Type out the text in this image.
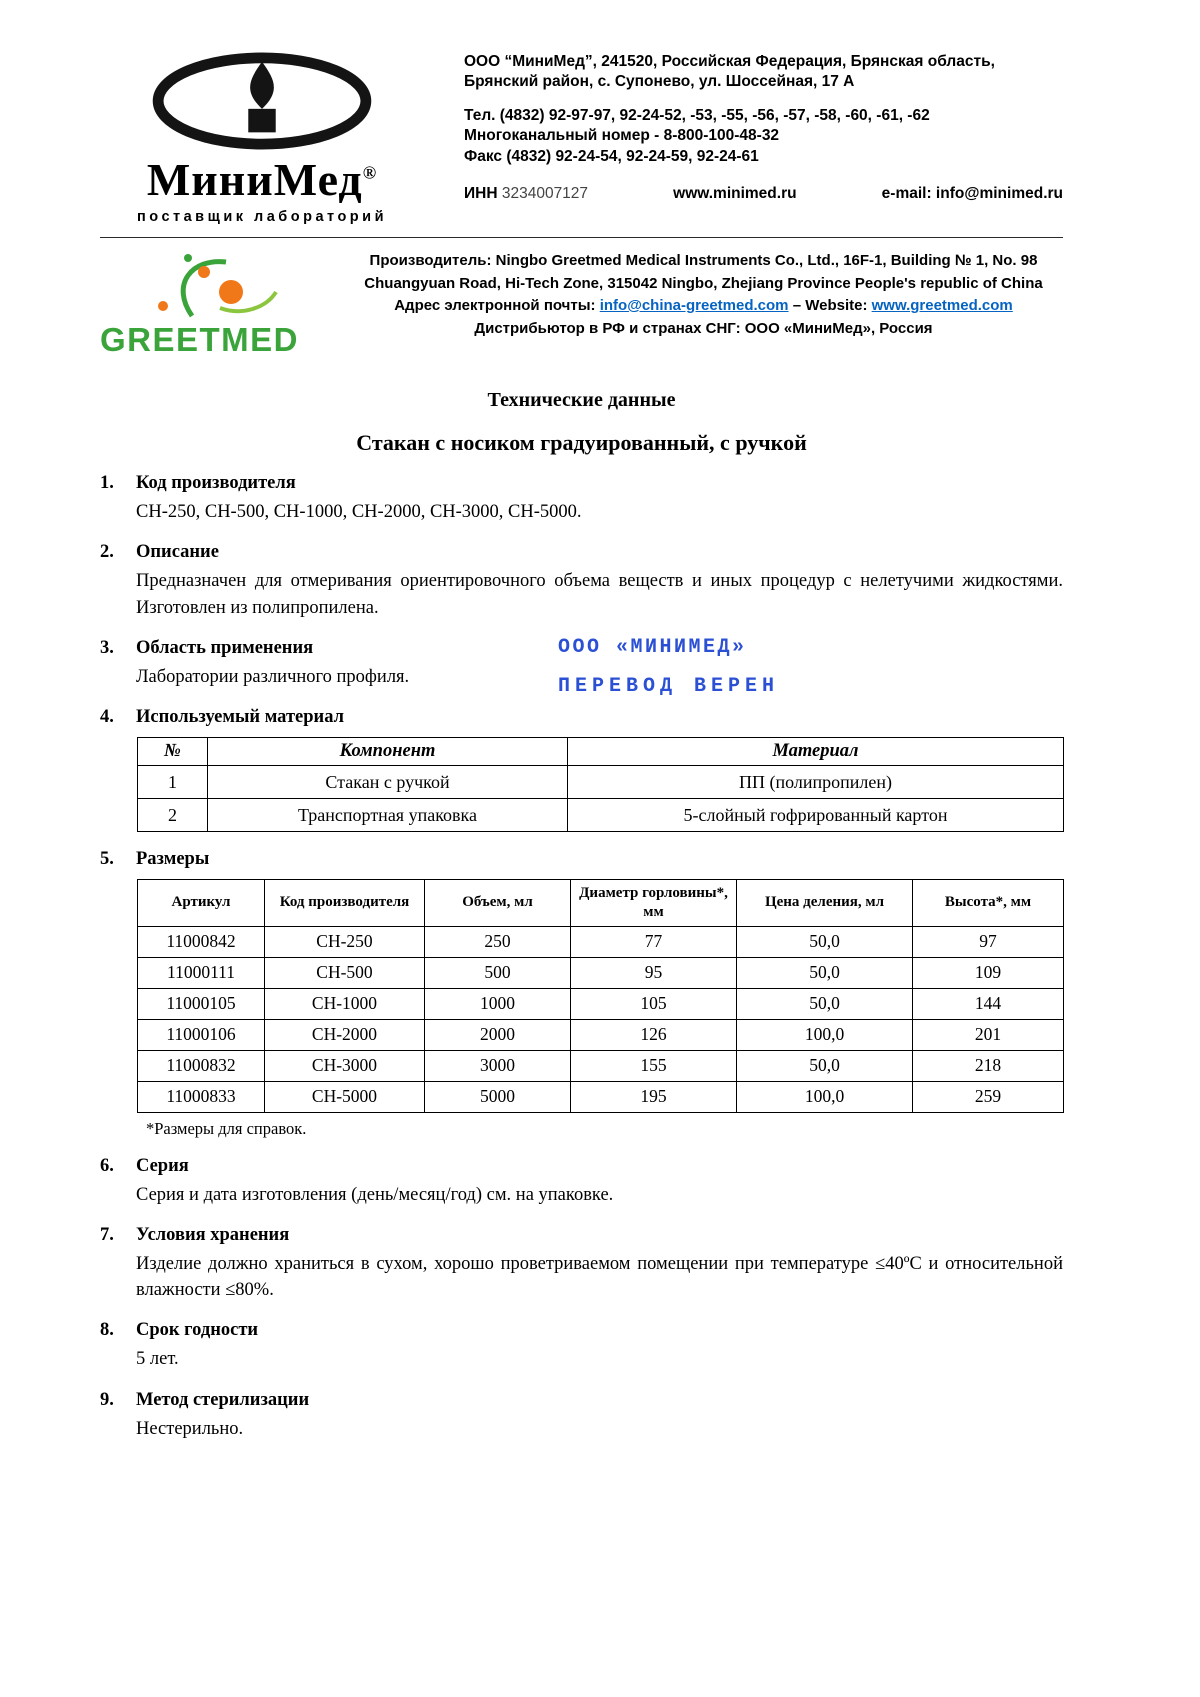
МиниМед®
поставщик лабораторий

ООО “МиниМед”, 241520, Российская Федерация, Брянская область,

Брянский район, с. Супонево, ул. Шоссейная, 17 А

Тел. (4832) 92-97-97, 92-24-52, -53, -55, -56, -57, -58, -60, -61, -62

Многоканальный номер - 8-800-100-48-32

Факс (4832) 92-24-54, 92-24-59, 92-24-61

ИНН 3234007127	www.minimed.ru	e-mail: info@minimed.ru
GREETMED

Производитель: Ningbo Greetmed Medical Instruments Co., Ltd., 16F-1, Building № 1, No. 98

Chuangyuan Road, Hi-Tech Zone, 315042 Ningbo, Zhejiang Province People's republic of China

Адрес электронной почты: info@china-greetmed.com – Website: www.greetmed.com

Дистрибьютор в РФ и странах СНГ: ООО «МиниМед», Россия

Технические данные
Стакан с носиком градуированный, с ручкой
1.	Код производителя
СН-250, СН-500, СН-1000, СН-2000, СН-3000, СН-5000.
2.	Описание
Предназначен для отмеривания ориентировочного объема веществ и иных процедур с нелетучими жидкостями. Изготовлен из полипропилена.
3.	Область применения
Лаборатории различного профиля.
ООО «МИНИМЕД»
ПЕРЕВОД ВЕРЕН
4.	Используемый материал
№	Компонент	Материал
1	Стакан с ручкой	ПП (полипропилен)
2	Транспортная упаковка	5-слойный гофрированный картон
5.	Размеры
Артикул	Код производителя	Объем, мл	Диаметр горловины*, мм	Цена деления, мл	Высота*, мм
11000842	СН-250	250	77	50,0	97
11000111	СН-500	500	95	50,0	109
11000105	СН-1000	1000	105	50,0	144
11000106	СН-2000	2000	126	100,0	201
11000832	СН-3000	3000	155	50,0	218
11000833	СН-5000	5000	195	100,0	259
*Размеры для справок.
6.	Серия
Серия и дата изготовления (день/месяц/год) см. на упаковке.
7.	Условия хранения
Изделие должно храниться в сухом, хорошо проветриваемом помещении при температуре ≤40ºС и относительной влажности ≤80%.
8.	Срок годности
5 лет.
9.	Метод стерилизации
Нестерильно.
